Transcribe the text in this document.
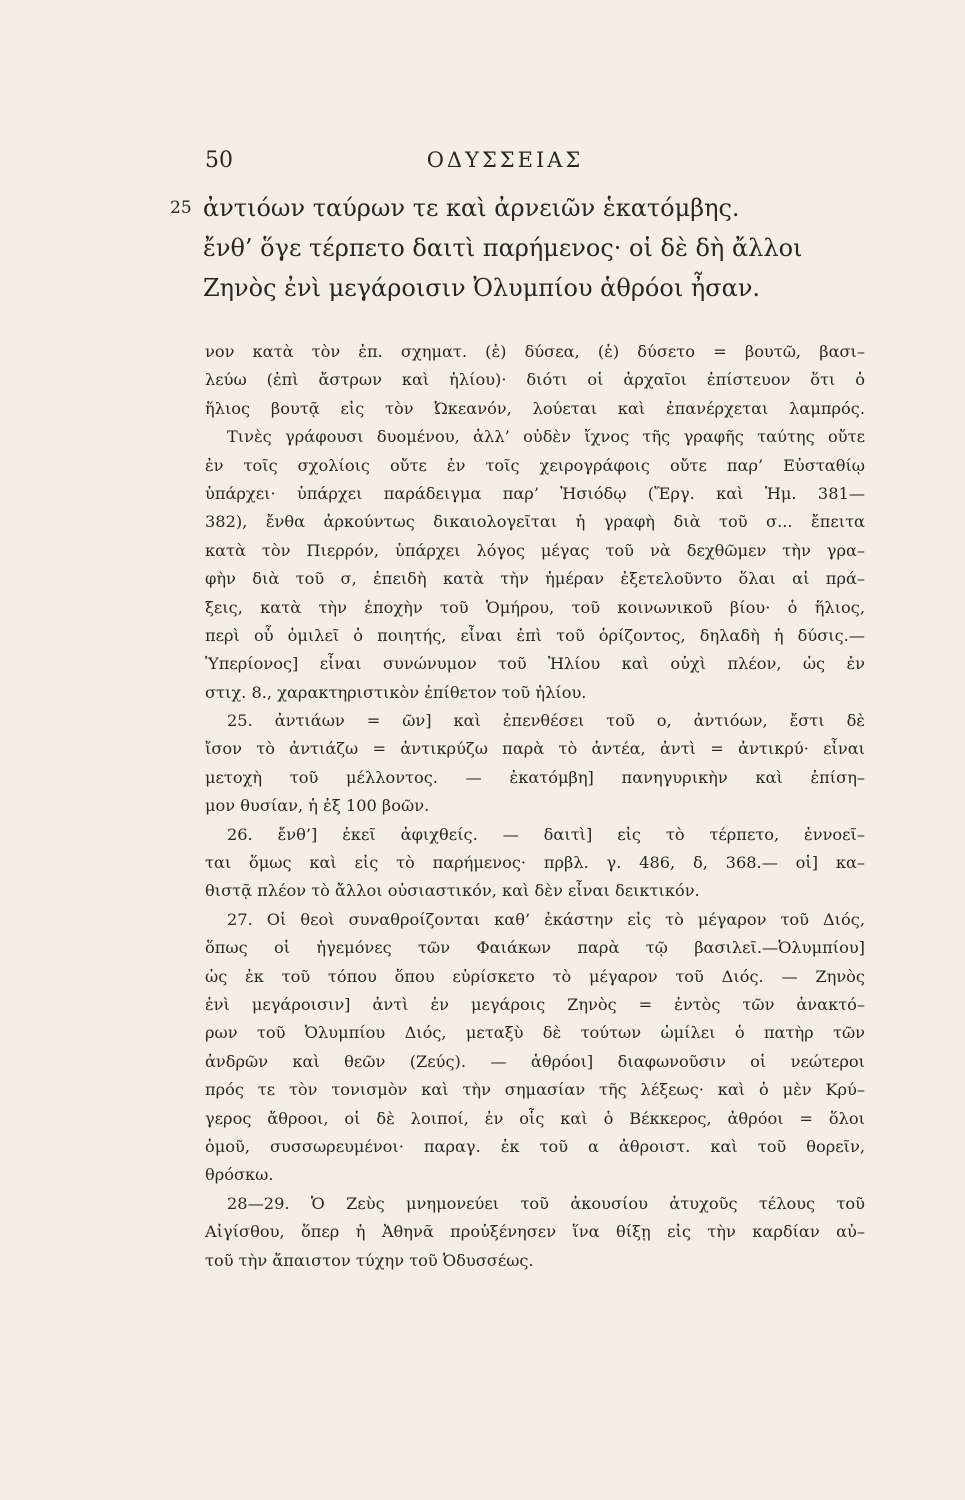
50	ΟΔΥΣΣΕΙΑΣ
25 ἀντιόων ταύρων τε καὶ ἀρνειῶν ἑκατόμβης.
ἔνθ’ ὅγε τέρπετο δαιτὶ παρήμενος· οἱ δὲ δὴ ἄλλοι
Ζηνὸς ἐνὶ μεγάροισιν Ὀλυμπίου ἁθρόοι ἦσαν.
νον κατὰ τὸν ἐπ. σχηματ. (ἑ) δύσεα, (ἑ) δύσετο = βουτῶ, βασι–
λεύω (ἐπὶ ἄστρων καὶ ἡλίου)· διότι οἱ ἀρχαῖοι ἐπίστευον ὅτι ὁ
ἥλιος βουτᾷ εἰς τὸν Ὠκεανόν, λούεται καὶ ἐπανέρχεται λαμπρός.
Τινὲς γράφουσι δυομένου, ἀλλ’ οὐδὲν ἴχνος τῆς γραφῆς ταύτης οὔτε
ἐν τοῖς σχολίοις οὔτε ἐν τοῖς χειρογράφοις οὔτε παρ’ Εὐσταθίῳ
ὑπάρχει· ὑπάρχει παράδειγμα παρ’ Ἡσιόδῳ (Ἔργ. καὶ Ἡμ. 381—
382), ἔνθα ἀρκούντως δικαιολογεῖται ἡ γραφὴ διὰ τοῦ σ... ἔπειτα
κατὰ τὸν Πιερρόν, ὑπάρχει λόγος μέγας τοῦ νὰ δεχθῶμεν τὴν γρα–
φὴν διὰ τοῦ σ, ἐπειδὴ κατὰ τὴν ἡμέραν ἐξετελοῦντο ὅλαι αἱ πρά–
ξεις, κατὰ τὴν ἐποχὴν τοῦ Ὁμήρου, τοῦ κοινωνικοῦ βίου· ὁ ἥλιος,
περὶ οὗ ὁμιλεῖ ὁ ποιητής, εἶναι ἐπὶ τοῦ ὁρίζοντος, δηλαδὴ ἡ δύσις.—
Ὑπερίονος] εἶναι συνώνυμον τοῦ Ἡλίου καὶ οὐχὶ πλέον, ὡς ἐν
στιχ. 8., χαρακτηριστικὸν ἐπίθετον τοῦ ἡλίου.
25. ἀντιάων = ῶν] καὶ ἐπενθέσει τοῦ ο, ἀντιόων, ἔστι δὲ
ἴσον τὸ ἀντιάζω = ἀντικρύζω παρὰ τὸ ἀντέα, ἀντὶ = ἀντικρύ· εἶναι
μετοχὴ τοῦ μέλλοντος. — ἑκατόμβη] πανηγυρικὴν καὶ ἐπίση–
μον θυσίαν, ἡ ἐξ 100 βοῶν.
26. ἔνθ’] ἐκεῖ ἀφιχθείς. — δαιτὶ] εἰς τὸ τέρπετο, ἐννοεῖ–
ται ὅμως καὶ εἰς τὸ παρήμενος· πρβλ. γ. 486, δ, 368.— οἱ] κα–
θιστᾷ πλέον τὸ ἄλλοι οὐσιαστικόν, καὶ δὲν εἶναι δεικτικόν.
27. Οἱ θεοὶ συναθροίζονται καθ’ ἑκάστην εἰς τὸ μέγαρον τοῦ Διός,
ὅπως οἱ ἡγεμόνες τῶν Φαιάκων παρὰ τῷ βασιλεῖ.—Ὀλυμπίου]
ὡς ἐκ τοῦ τόπου ὅπου εὑρίσκετο τὸ μέγαρον τοῦ Διός. — Ζηνὸς
ἐνὶ μεγάροισιν] ἀντὶ ἐν μεγάροις Ζηνὸς = ἐντὸς τῶν ἀνακτό–
ρων τοῦ Ὀλυμπίου Διός, μεταξὺ δὲ τούτων ὡμίλει ὁ πατὴρ τῶν
ἀνδρῶν καὶ θεῶν (Ζεύς). — ἁθρόοι] διαφωνοῦσιν οἱ νεώτεροι
πρός τε τὸν τονισμὸν καὶ τὴν σημασίαν τῆς λέξεως· καὶ ὁ μὲν Κρύ–
γερος ἄθροοι, οἱ δὲ λοιποί, ἐν οἷς καὶ ὁ Βέκκερος, ἀθρόοι = ὅλοι
ὁμοῦ, συσσωρευμένοι· παραγ. ἐκ τοῦ α ἀθροιστ. καὶ τοῦ θορεῖν,
θρόσκω.
28—29. Ὁ Ζεὺς μνημονεύει τοῦ ἀκουσίου ἀτυχοῦς τέλους τοῦ
Αἰγίσθου, ὅπερ ἡ Ἀθηνᾶ προὐξένησεν ἵνα θίξῃ εἰς τὴν καρδίαν αὐ–
τοῦ τὴν ἄπαιστον τύχην τοῦ Ὀδυσσέως.
